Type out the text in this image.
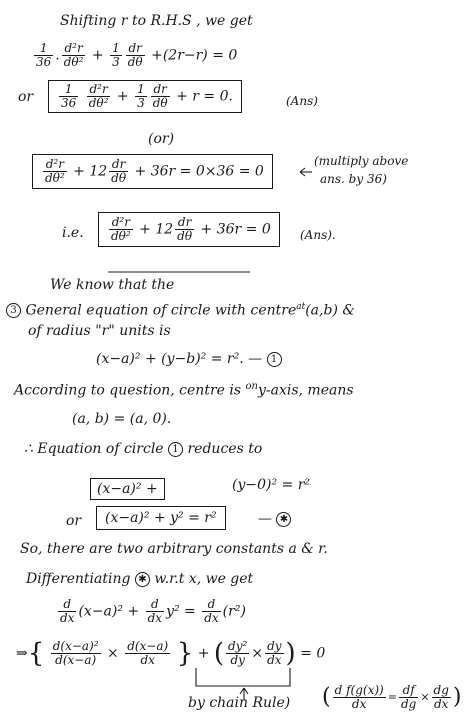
Shifting r to R.H.S , we get
$\frac{1}{36}$ . $\frac{\text{d²r}}{\text{dθ²}} + \frac{1}{3} \frac{dr}{d\theta} +(2r-r) = 0$
or $\frac{1}{36}$
$\frac{\text{d²r}}{\text{dθ²}} + \frac{1}{3} \frac{dr}{d\theta} + r = 0$.	(Ans)
(or)
$\frac{\text{d²r}}{\text{dθ²}} + 12 \frac{dr}{d\theta} + 36r = 0\times 36 = 0$
(multiply above
ans. by 36)
i.e. $\frac{\text{d²r}}{\text{dθ²}} + 12 \frac{dr}{d\theta} + 36r = 0$	(Ans).
We know that the
3 General equation of circle with centre$^{at}$(a,b) &
of radius "r" units is
(x−a)² + (y−b)² = r². — 1
According to question, centre is $^{on}$y-axis, means
(a, b) = (a, 0).
∴ Equation of circle 1 reduces to
(x−a)² +	(y−0)² = r²
or	(x−a)² + y² = r²	— ✱
So, there are two arbitrary constants a & r.
Differentiating ✱ w.r.t x, we get
$\frac{d}{dx} (x-a)^2 + \frac{d}{dx} y^2 = \frac{d}{dx} (r^2)$
⇒{ $\frac{\text{d(x−a)²}}{d(x-a)} \times \frac{d(x-a)}{dx}$ } + ( $\frac{\text{dy²}}{dy} \times \frac{dy}{dx}$ ) = 0
by chain Rule) ( $\frac{\text{d f(g(x))}}{dx} = \frac{df}{dg} \times \frac{dg}{dx}$ )
